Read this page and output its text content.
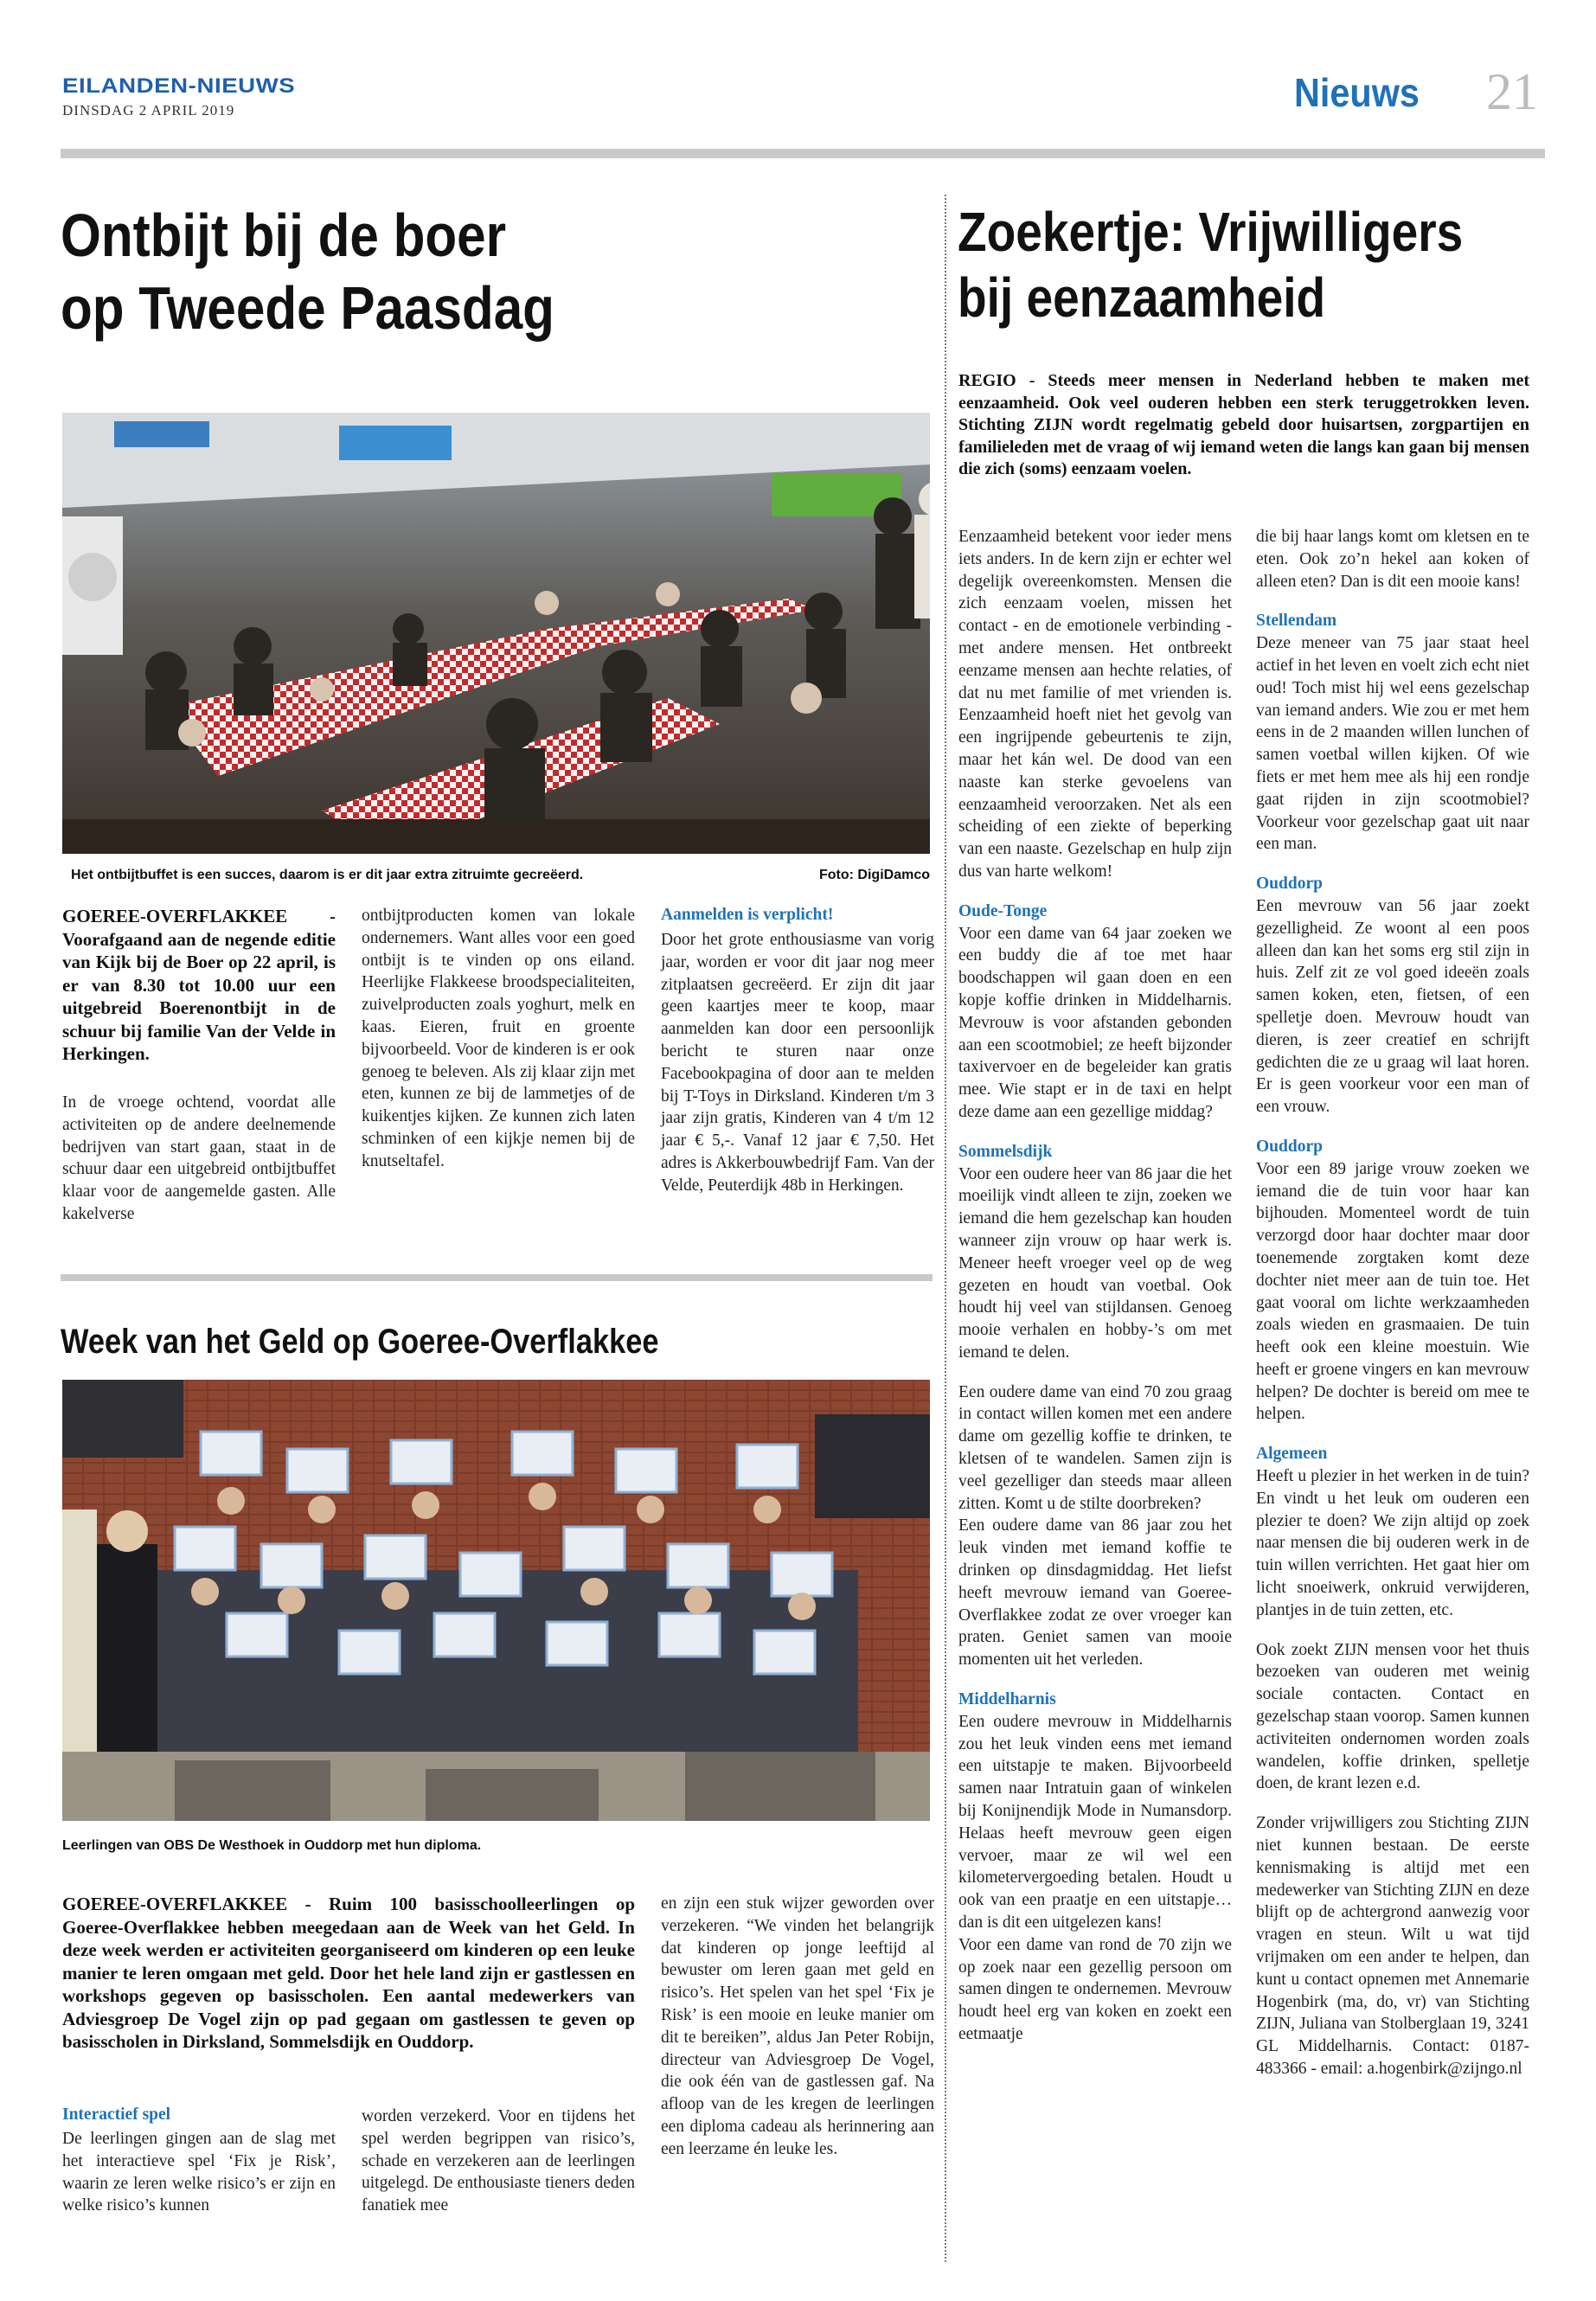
EILANDEN-NIEUWS
DINSDAG 2 APRIL 2019	Nieuws 21
Ontbijt bij de boer
op Tweede Paasdag
Het ontbijtbuffet is een succes, daarom is er dit jaar extra zitruimte gecreëerd.	Foto: DigiDamco
GOEREE-OVERFLAKKEE - Voorafgaand aan de negende editie van Kijk bij de Boer op 22 april, is er van 8.30 tot 10.00 uur een uitgebreid Boerenontbijt in de schuur bij familie Van der Velde in Herkingen.
In de vroege ochtend, voordat alle activiteiten op de andere deelnemende bedrijven van start gaan, staat in de schuur daar een uitgebreid ontbijtbuffet klaar voor de aangemelde gasten. Alle kakelverse
ontbijtproducten komen van lokale ondernemers. Want alles voor een goed ontbijt is te vinden op ons eiland. Heerlijke Flakkeese broodspecialiteiten, zuivelproducten zoals yoghurt, melk en kaas. Eieren, fruit en groente bijvoorbeeld. Voor de kinderen is er ook genoeg te beleven. Als zij klaar zijn met eten, kunnen ze bij de lammetjes of de kuikentjes kijken. Ze kunnen zich laten schminken of een kijkje nemen bij de knutseltafel.
Aanmelden is verplicht!
Door het grote enthousiasme van vorig jaar, worden er voor dit jaar nog meer zitplaatsen gecreëerd. Er zijn dit jaar geen kaartjes meer te koop, maar aanmelden kan door een persoonlijk bericht te sturen naar onze Facebookpagina of door aan te melden bij T-Toys in Dirksland. Kinderen t/m 3 jaar zijn gratis, Kinderen van 4 t/m 12 jaar € 5,-. Vanaf 12 jaar € 7,50. Het adres is Akkerbouwbedrijf Fam. Van der Velde, Peuterdijk 48b in Herkingen.
Week van het Geld op Goeree-Overflakkee
Leerlingen van OBS De Westhoek in Ouddorp met hun diploma.
GOEREE-OVERFLAKKEE - Ruim 100 basisschoolleerlingen op Goeree-Overflakkee hebben meegedaan aan de Week van het Geld. In deze week werden er activiteiten georganiseerd om kinderen op een leuke manier te leren omgaan met geld. Door het hele land zijn er gastlessen en workshops gegeven op basisscholen. Een aantal medewerkers van Adviesgroep De Vogel zijn op pad gegaan om gastlessen te geven op basisscholen in Dirksland, Sommelsdijk en Ouddorp.
Interactief spel
De leerlingen gingen aan de slag met het interactieve spel ‘Fix je Risk’, waarin ze leren welke risico’s er zijn en welke risico’s kunnen
worden verzekerd. Voor en tijdens het spel werden begrippen van risico’s, schade en verzekeren aan de leerlingen uitgelegd. De enthousiaste tieners deden fanatiek mee
en zijn een stuk wijzer geworden over verzekeren. “We vinden het belangrijk dat kinderen op jonge leeftijd al bewuster om leren gaan met geld en risico’s. Het spelen van het spel ‘Fix je Risk’ is een mooie en leuke manier om dit te bereiken”, aldus Jan Peter Robijn, directeur van Adviesgroep De Vogel, die ook één van de gastlessen gaf. Na afloop van de les kregen de leerlingen een diploma cadeau als herinnering aan een leerzame én leuke les.
Zoekertje: Vrijwilligers
bij eenzaamheid
REGIO - Steeds meer mensen in Nederland hebben te maken met eenzaamheid. Ook veel ouderen hebben een sterk teruggetrokken leven. Stichting ZIJN wordt regelmatig gebeld door huisartsen, zorgpartijen en familieleden met de vraag of wij iemand weten die langs kan gaan bij mensen die zich (soms) eenzaam voelen.

Eenzaamheid betekent voor ieder mens iets anders. In de kern zijn er echter wel degelijk overeenkomsten. Mensen die zich eenzaam voelen, missen het contact - en de emotionele verbinding - met andere mensen. Het ontbreekt eenzame mensen aan hechte relaties, of dat nu met familie of met vrienden is. Eenzaamheid hoeft niet het gevolg van een ingrijpende gebeurtenis te zijn, maar het kán wel. De dood van een naaste kan sterke gevoelens van eenzaamheid veroorzaken. Net als een scheiding of een ziekte of beperking van een naaste. Gezelschap en hulp zijn dus van harte welkom!

Oude-Tonge

Voor een dame van 64 jaar zoeken we een buddy die af toe met haar boodschappen wil gaan doen en een kopje koffie drinken in Middelharnis. Mevrouw is voor afstanden gebonden aan een scootmobiel; ze heeft bijzonder taxivervoer en de begeleider kan gratis mee. Wie stapt er in de taxi en helpt deze dame aan een gezellige middag?

Sommelsdijk

Voor een oudere heer van 86 jaar die het moeilijk vindt alleen te zijn, zoeken we iemand die hem gezelschap kan houden wanneer zijn vrouw op haar werk is. Meneer heeft vroeger veel op de weg gezeten en houdt van voetbal. Ook houdt hij veel van stijldansen. Genoeg mooie verhalen en hobby-’s om met iemand te delen.

Een oudere dame van eind 70 zou graag in contact willen komen met een andere dame om gezellig koffie te drinken, te kletsen of te wandelen. Samen zijn is veel gezelliger dan steeds maar alleen zitten. Komt u de stilte doorbreken?
Een oudere dame van 86 jaar zou het leuk vinden met iemand koffie te drinken op dinsdagmiddag. Het liefst heeft mevrouw iemand van Goeree-Overflakkee zodat ze over vroeger kan praten. Geniet samen van mooie momenten uit het verleden.

Middelharnis

Een oudere mevrouw in Middelharnis zou het leuk vinden eens met iemand een uitstapje te maken. Bijvoorbeeld samen naar Intratuin gaan of winkelen bij Konijnendijk Mode in Numansdorp. Helaas heeft mevrouw geen eigen vervoer, maar ze wil wel een kilometervergoeding betalen. Houdt u ook van een praatje en een uitstapje… dan is dit een uitgelezen kans!
Voor een dame van rond de 70 zijn we op zoek naar een gezellig persoon om samen dingen te ondernemen. Mevrouw houdt heel erg van koken en zoekt een eetmaatje

die bij haar langs komt om kletsen en te eten. Ook zo’n hekel aan koken of alleen eten? Dan is dit een mooie kans!

Stellendam

Deze meneer van 75 jaar staat heel actief in het leven en voelt zich echt niet oud! Toch mist hij wel eens gezelschap van iemand anders. Wie zou er met hem eens in de 2 maanden willen lunchen of samen voetbal willen kijken. Of wie fiets er met hem mee als hij een rondje gaat rijden in zijn scootmobiel? Voorkeur voor gezelschap gaat uit naar een man.

Ouddorp

Een mevrouw van 56 jaar zoekt gezelligheid. Ze woont al een poos alleen dan kan het soms erg stil zijn in huis. Zelf zit ze vol goed ideeën zoals samen koken, eten, fietsen, of een spelletje doen. Mevrouw houdt van dieren, is zeer creatief en schrijft gedichten die ze u graag wil laat horen. Er is geen voorkeur voor een man of een vrouw.

Ouddorp

Voor een 89 jarige vrouw zoeken we iemand die de tuin voor haar kan bijhouden. Momenteel wordt de tuin verzorgd door haar dochter maar door toenemende zorgtaken komt deze dochter niet meer aan de tuin toe. Het gaat vooral om lichte werkzaamheden zoals wieden en grasmaaien. De tuin heeft ook een kleine moestuin. Wie heeft er groene vingers en kan mevrouw helpen? De dochter is bereid om mee te helpen.

Algemeen

Heeft u plezier in het werken in de tuin? En vindt u het leuk om ouderen een plezier te doen? We zijn altijd op zoek naar mensen die bij ouderen werk in de tuin willen verrichten. Het gaat hier om licht snoeiwerk, onkruid verwijderen, plantjes in de tuin zetten, etc.

Ook zoekt ZIJN mensen voor het thuis bezoeken van ouderen met weinig sociale contacten. Contact en gezelschap staan voorop. Samen kunnen activiteiten ondernomen worden zoals wandelen, koffie drinken, spelletje doen, de krant lezen e.d.

Zonder vrijwilligers zou Stichting ZIJN niet kunnen bestaan. De eerste kennismaking is altijd met een medewerker van Stichting ZIJN en deze blijft op de achtergrond aanwezig voor vragen en steun. Wilt u wat tijd vrijmaken om een ander te helpen, dan kunt u contact opnemen met Annemarie Hogenbirk (ma, do, vr) van Stichting ZIJN, Juliana van Stolberglaan 19, 3241 GL Middelharnis. Contact: 0187-483366 - email: a.hogenbirk@zijngo.nl
